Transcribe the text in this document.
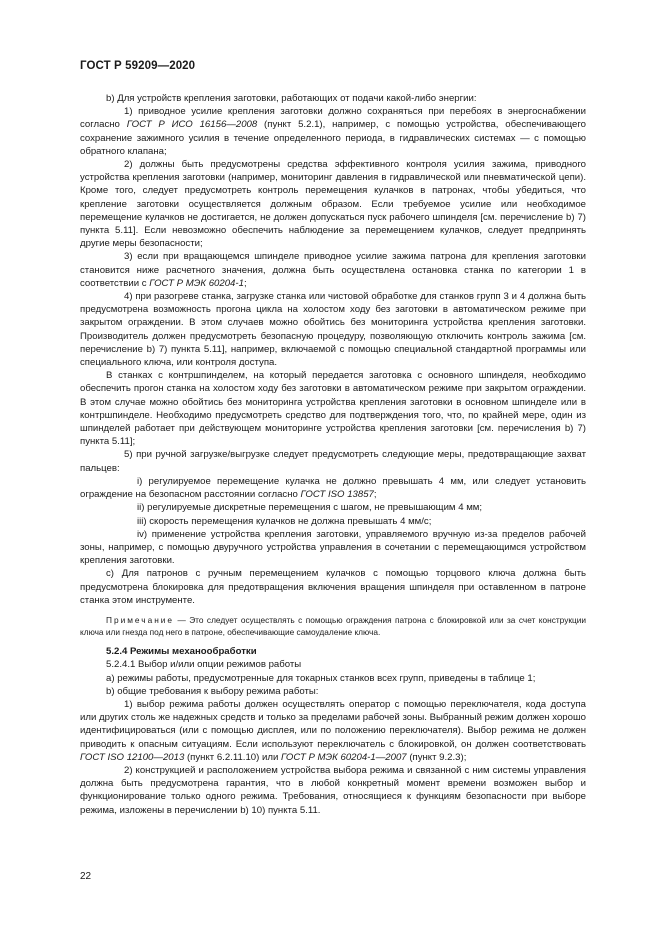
ГОСТ Р 59209—2020

b) Для устройств крепления заготовки, работающих от подачи какой-либо энергии:

1) приводное усилие крепления заготовки должно сохраняться при перебоях в энергоснабжении согласно ГОСТ Р ИСО 16156—2008 (пункт 5.2.1), например, с помощью устройства, обеспечивающего сохранение зажимного усилия в течение определенного периода, в гидравлических системах — с помощью обратного клапана;

2) должны быть предусмотрены средства эффективного контроля усилия зажима, приводного устройства крепления заготовки (например, мониторинг давления в гидравлической или пневматической цепи). Кроме того, следует предусмотреть контроль перемещения кулачков в патронах, чтобы убедиться, что крепление заготовки осуществляется должным образом. Если требуемое усилие или необходимое перемещение кулачков не достигается, не должен допускаться пуск рабочего шпинделя [см. перечисление b) 7) пункта 5.11]. Если невозможно обеспечить наблюдение за перемещением кулачков, следует предпринять другие меры безопасности;

3) если при вращающемся шпинделе приводное усилие зажима патрона для крепления заготовки становится ниже расчетного значения, должна быть осуществлена остановка станка по категории 1 в соответствии с ГОСТ Р МЭК 60204-1;

4) при разогреве станка, загрузке станка или чистовой обработке для станков групп 3 и 4 должна быть предусмотрена возможность прогона цикла на холостом ходу без заготовки в автоматическом режиме при закрытом ограждении. В этом случаев можно обойтись без мониторинга устройства крепления заготовки. Производитель должен предусмотреть безопасную процедуру, позволяющую отключить контроль зажима [см. перечисление b) 7) пункта 5.11], например, включаемой с помощью специальной стандартной программы или специального ключа, или контроля доступа.

В станках с контршпинделем, на который передается заготовка с основного шпинделя, необходимо обеспечить прогон станка на холостом ходу без заготовки в автоматическом режиме при закрытом ограждении. В этом случае можно обойтись без мониторинга устройства крепления заготовки в основном шпинделе или в контршпинделе. Необходимо предусмотреть средство для подтверждения того, что, по крайней мере, один из шпинделей работает при действующем мониторинге устройства крепления заготовки [см. перечисления b) 7) пункта 5.11];

5) при ручной загрузке/выгрузке следует предусмотреть следующие меры, предотвращающие захват пальцев:

i) регулируемое перемещение кулачка не должно превышать 4 мм, или следует установить ограждение на безопасном расстоянии согласно ГОСТ ISO 13857;

ii) регулируемые дискретные перемещения с шагом, не превышающим 4 мм;

iii) скорость перемещения кулачков не должна превышать 4 мм/с;

iv) применение устройства крепления заготовки, управляемого вручную из-за пределов рабочей зоны, например, с помощью двуручного устройства управления в сочетании с перемещающимся устройством крепления заготовки.

c) Для патронов с ручным перемещением кулачков с помощью торцового ключа должна быть предусмотрена блокировка для предотвращения включения вращения шпинделя при оставленном в патроне станка этом инструменте.

Примечание — Это следует осуществлять с помощью ограждения патрона с блокировкой или за счет конструкции ключа или гнезда под него в патроне, обеспечивающие самоудаление ключа.

5.2.4 Режимы механообработки

5.2.4.1 Выбор и/или опции режимов работы

a) режимы работы, предусмотренные для токарных станков всех групп, приведены в таблице 1;

b) общие требования к выбору режима работы:

1) выбор режима работы должен осуществлять оператор с помощью переключателя, кода доступа или других столь же надежных средств и только за пределами рабочей зоны. Выбранный режим должен хорошо идентифицироваться (или с помощью дисплея, или по положению переключателя). Выбор режима не должен приводить к опасным ситуациям. Если используют переключатель с блокировкой, он должен соответствовать ГОСТ ISO 12100—2013 (пункт 6.2.11.10) или ГОСТ Р МЭК 60204-1—2007 (пункт 9.2.3);

2) конструкцией и расположением устройства выбора режима и связанной с ним системы управления должна быть предусмотрена гарантия, что в любой конкретный момент времени возможен выбор и функционирование только одного режима. Требования, относящиеся к функциям безопасности при выборе режима, изложены в перечислении b) 10) пункта 5.11.

22
